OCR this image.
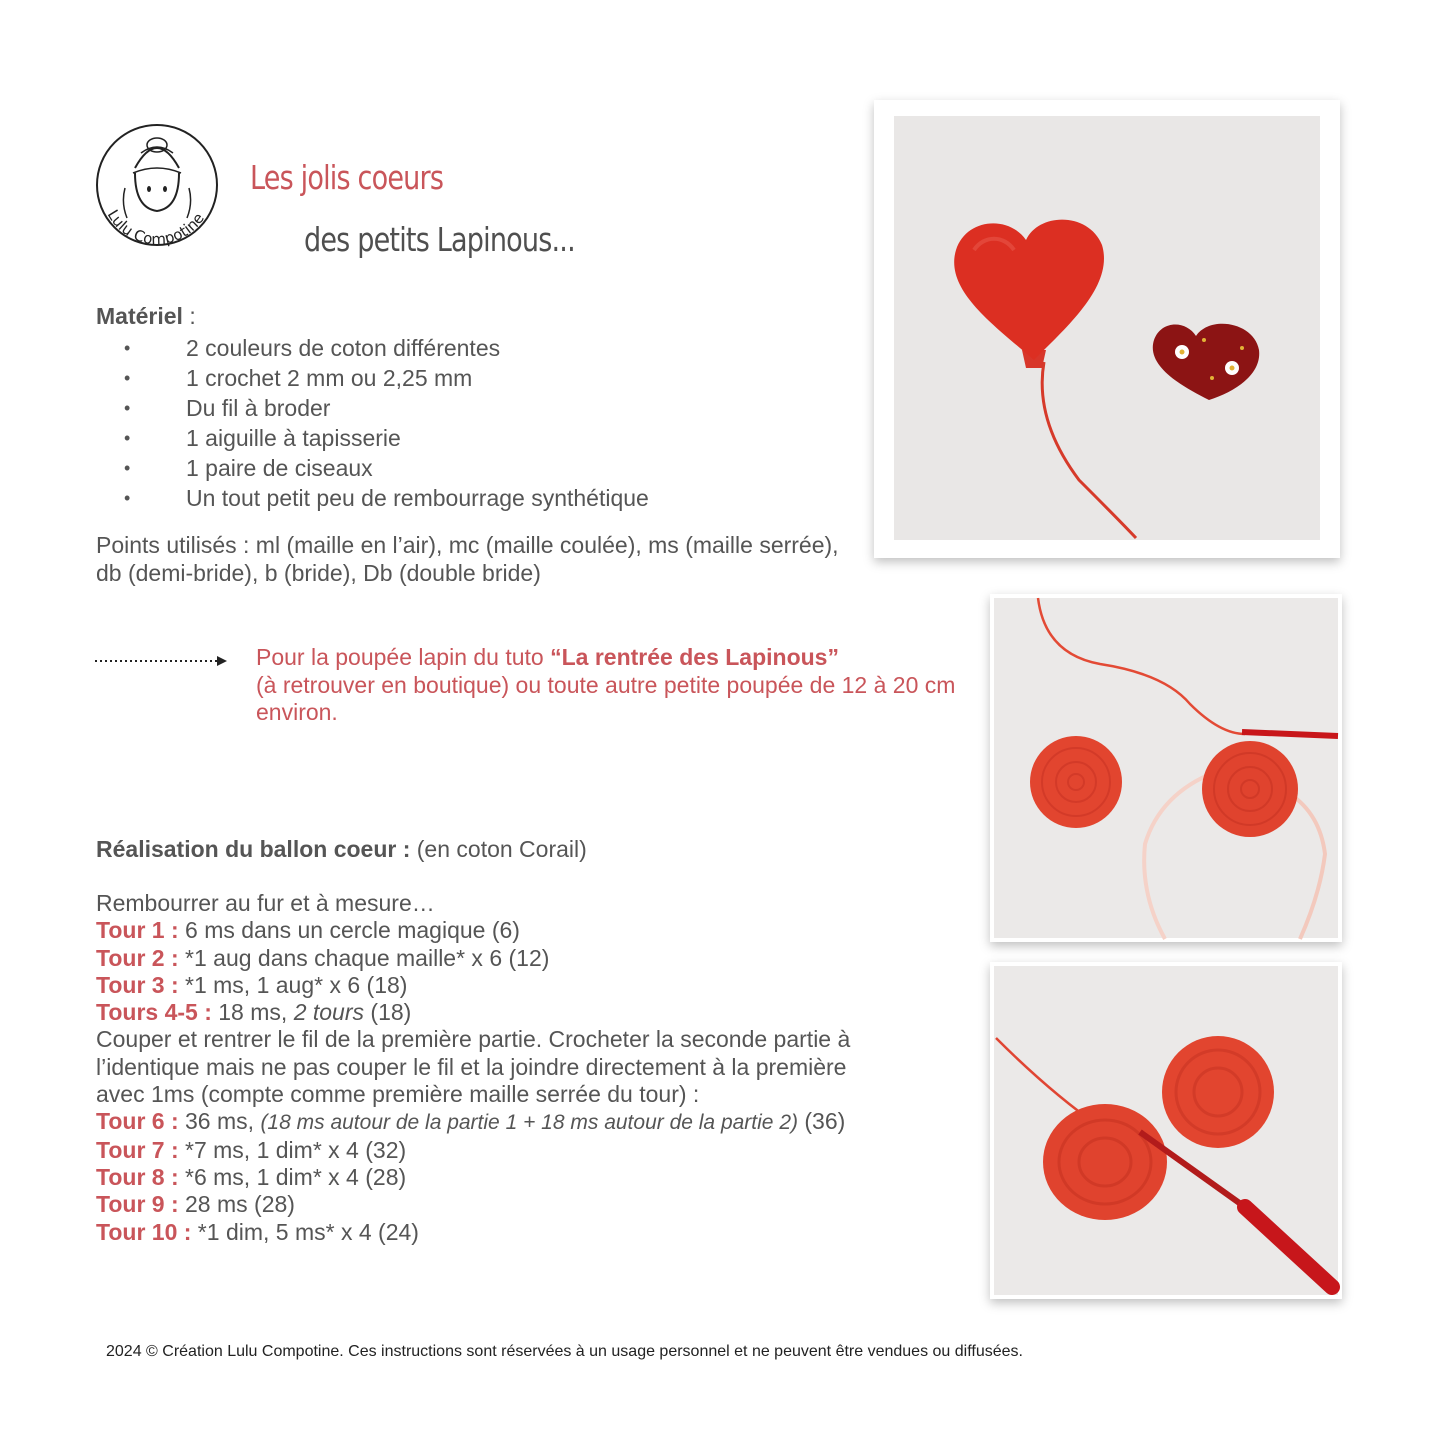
Lulu Compotine
Les jolis coeurs
des petits Lapinous...
Matériel :
• 2 couleurs de coton différentes
• 1 crochet 2 mm ou 2,25 mm
• Du fil à broder
• 1 aiguille à tapisserie
• 1 paire de ciseaux
• Un tout petit peu de rembourrage synthétique
Points utilisés : ml (maille en l’air), mc (maille coulée), ms (maille serrée), db (demi-bride), b (bride), Db (double bride)
Pour la poupée lapin du tuto “La rentrée des Lapinous”
(à retrouver en boutique) ou toute autre petite poupée de 12 à 20 cm environ.
Réalisation du ballon coeur : (en coton Corail)
Rembourrer au fur et à mesure…
Tour 1 : 6 ms dans un cercle magique (6)
Tour 2 : *1 aug dans chaque maille* x 6 (12)
Tour 3 : *1 ms, 1 aug* x 6 (18)
Tours 4-5 : 18 ms, 2 tours (18)
Couper et rentrer le fil de la première partie. Crocheter la seconde partie à
l’identique mais ne pas couper le fil et la joindre directement à la première
avec 1ms (compte comme première maille serrée du tour) :
Tour 6 : 36 ms, (18 ms autour de la partie 1 + 18 ms autour de la partie 2) (36)
Tour 7 : *7 ms, 1 dim* x 4 (32)
Tour 8 : *6 ms, 1 dim* x 4 (28)
Tour 9 : 28 ms (28)
Tour 10 : *1 dim, 5 ms* x 4 (24)
2024 © Création Lulu Compotine. Ces instructions sont réservées à un usage personnel et ne peuvent être vendues ou diffusées.
